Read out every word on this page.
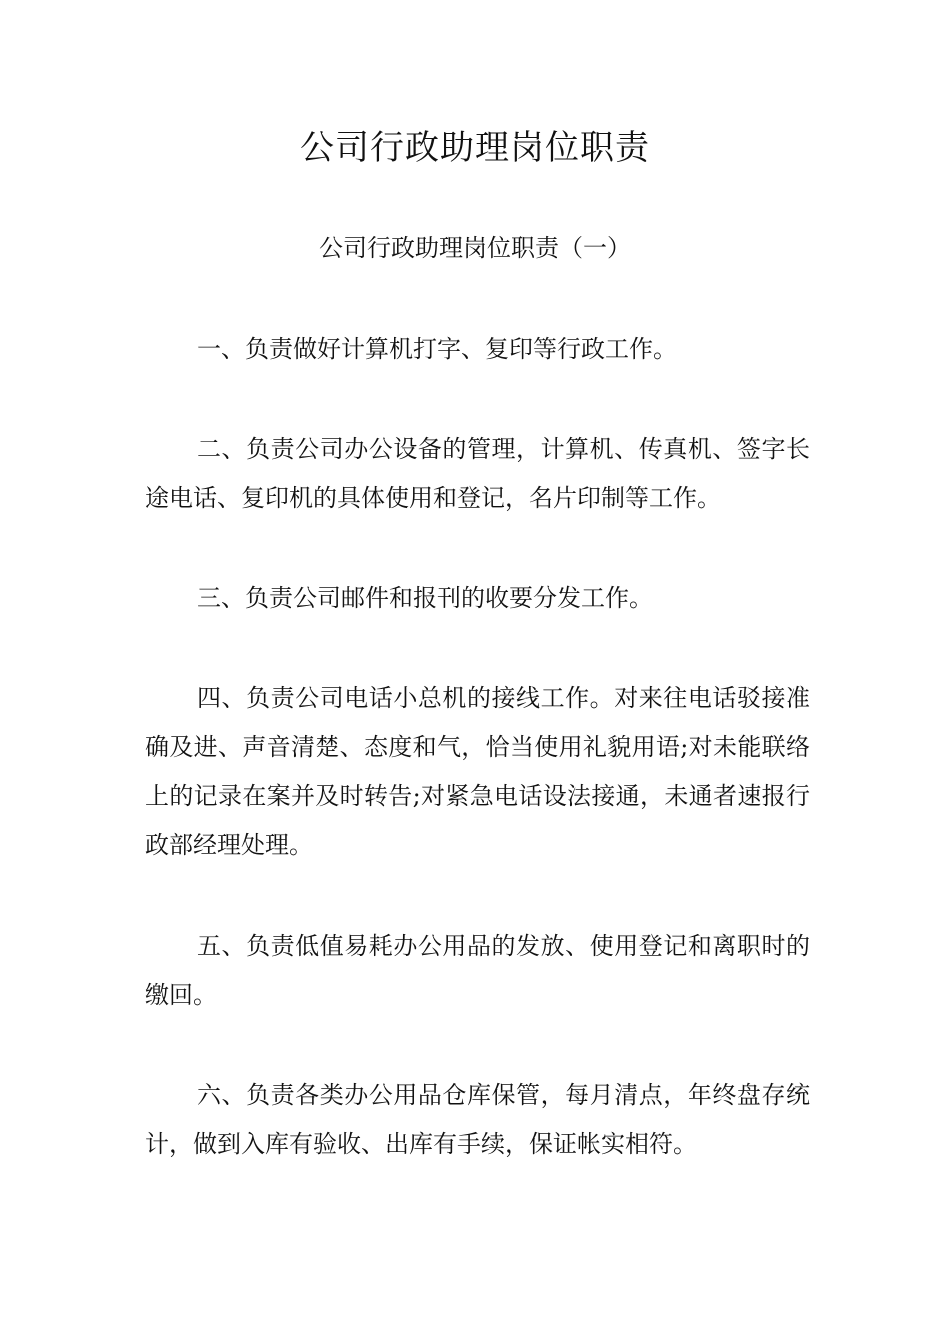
公司行政助理岗位职责

公司行政助理岗位职责（一）

一、负责做好计算机打字、复印等行政工作。

二、负责公司办公设备的管理，计算机、传真机、签字长途电话、复印机的具体使用和登记，名片印制等工作。

三、负责公司邮件和报刊的收要分发工作。

四、负责公司电话小总机的接线工作。对来往电话驳接准确及进、声音清楚、态度和气，恰当使用礼貌用语;对未能联络上的记录在案并及时转告;对紧急电话设法接通，未通者速报行政部经理处理。

五、负责低值易耗办公用品的发放、使用登记和离职时的缴回。

六、负责各类办公用品仓库保管，每月清点，年终盘存统计，做到入库有验收、出库有手续，保证帐实相符。
